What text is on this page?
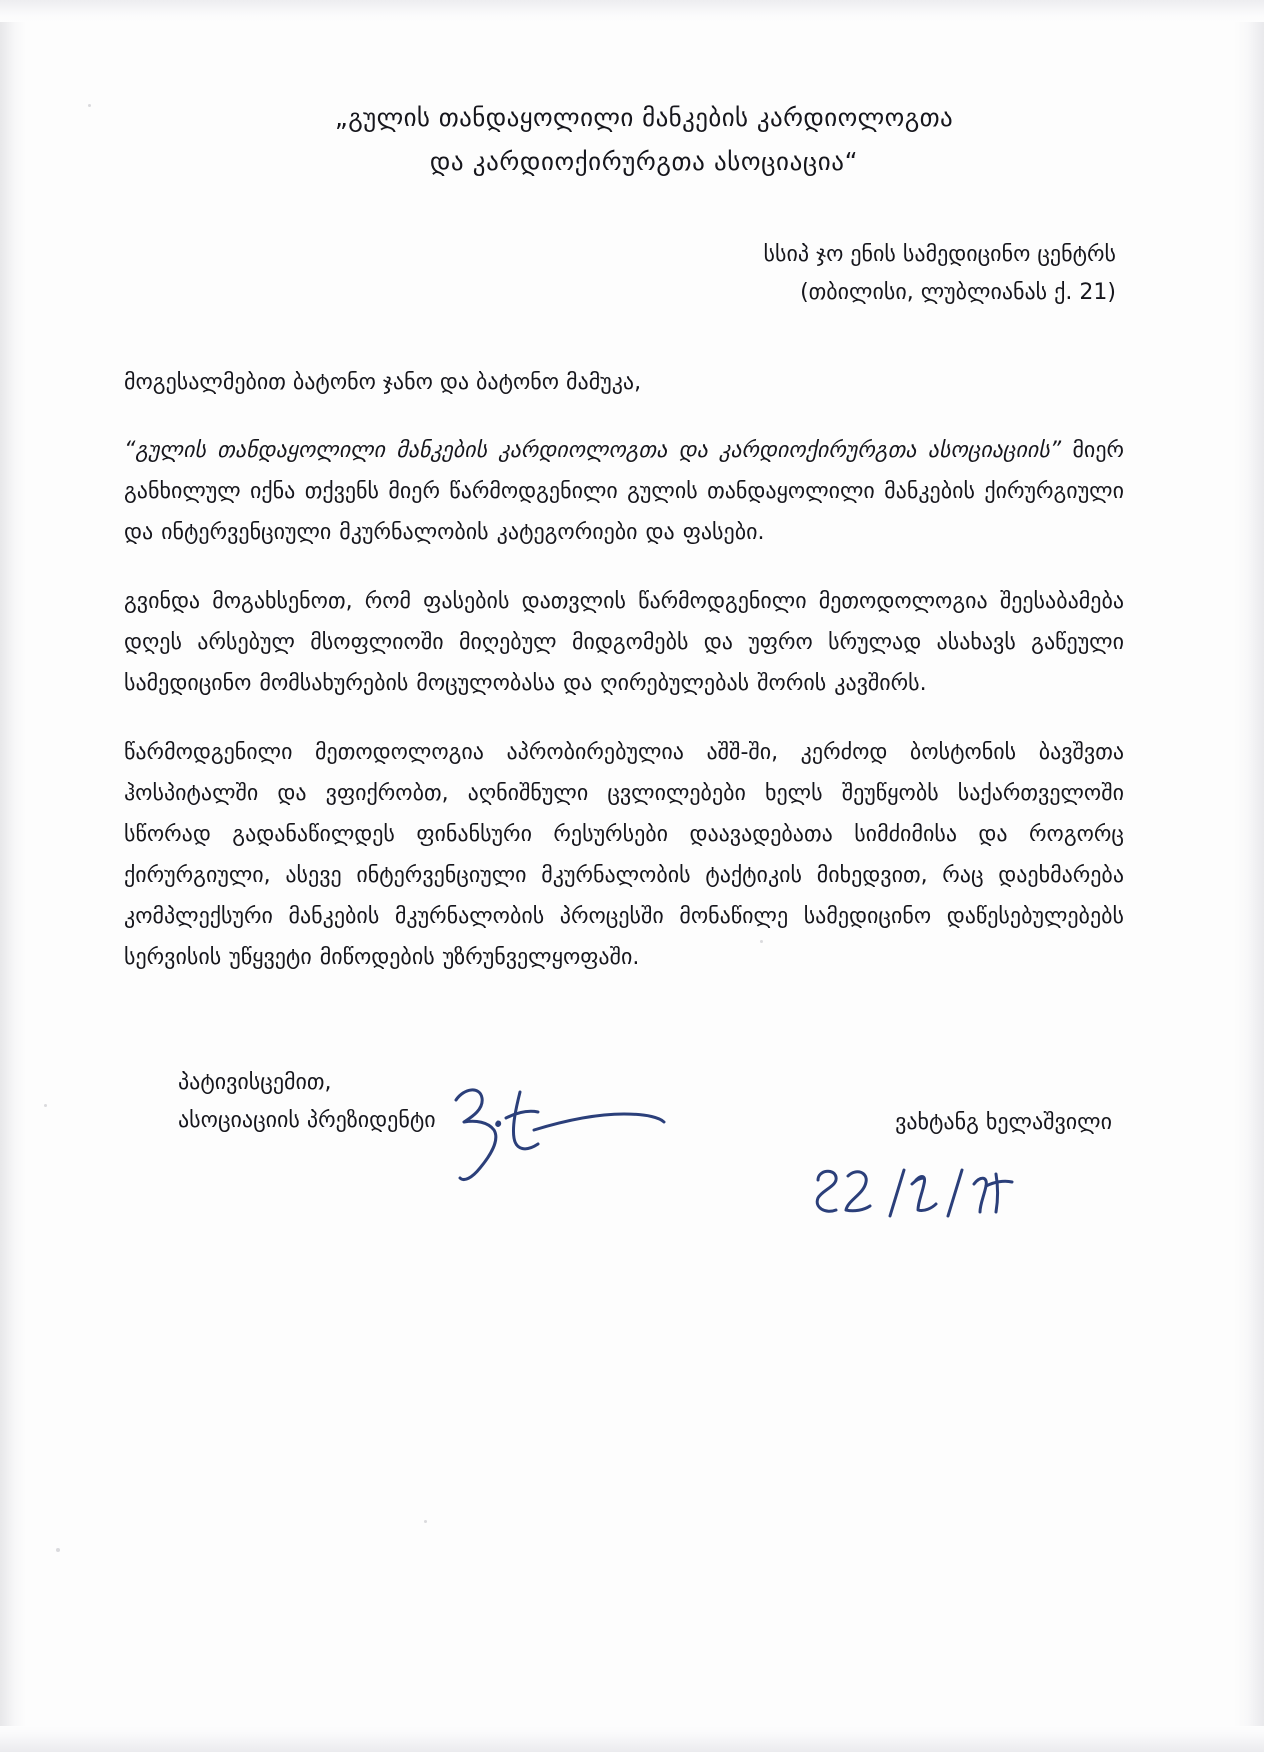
„გულის თანდაყოლილი მანკების კარდიოლოგთა
და კარდიოქირურგთა ასოციაცია“
სსიპ ჯო ენის სამედიცინო ცენტრს
(თბილისი, ლუბლიანას ქ. 21)
მოგესალმებით ბატონო ჯანო და ბატონო მამუკა,

“გულის თანდაყოლილი მანკების კარდიოლოგთა და კარდიოქირურგთა ასოციაციის” მიერ განხილულ იქნა თქვენს მიერ წარმოდგენილი გულის თანდაყოლილი მანკების ქირურგიული და ინტერვენციული მკურნალობის კატეგორიები და ფასები.

გვინდა მოგახსენოთ, რომ ფასების დათვლის წარმოდგენილი მეთოდოლოგია შეესაბამება დღეს არსებულ მსოფლიოში მიღებულ მიდგომებს და უფრო სრულად ასახავს გაწეული სამედიცინო მომსახურების მოცულობასა და ღირებულებას შორის კავშირს.

წარმოდგენილი მეთოდოლოგია აპრობირებულია აშშ-ში, კერძოდ ბოსტონის ბავშვთა ჰოსპიტალში და ვფიქრობთ, აღნიშნული ცვლილებები ხელს შეუწყობს საქართველოში სწორად გადანაწილდეს ფინანსური რესურსები დაავადებათა სიმძიმისა და როგორც ქირურგიული, ასევე ინტერვენციული მკურნალობის ტაქტიკის მიხედვით, რაც დაეხმარება კომპლექსური მანკების მკურნალობის პროცესში მონაწილე სამედიცინო დაწესებულებებს სერვისის უწყვეტი მიწოდების უზრუნველყოფაში.

პატივისცემით,
ასოციაციის პრეზიდენტი	ვახტანგ ხელაშვილი
